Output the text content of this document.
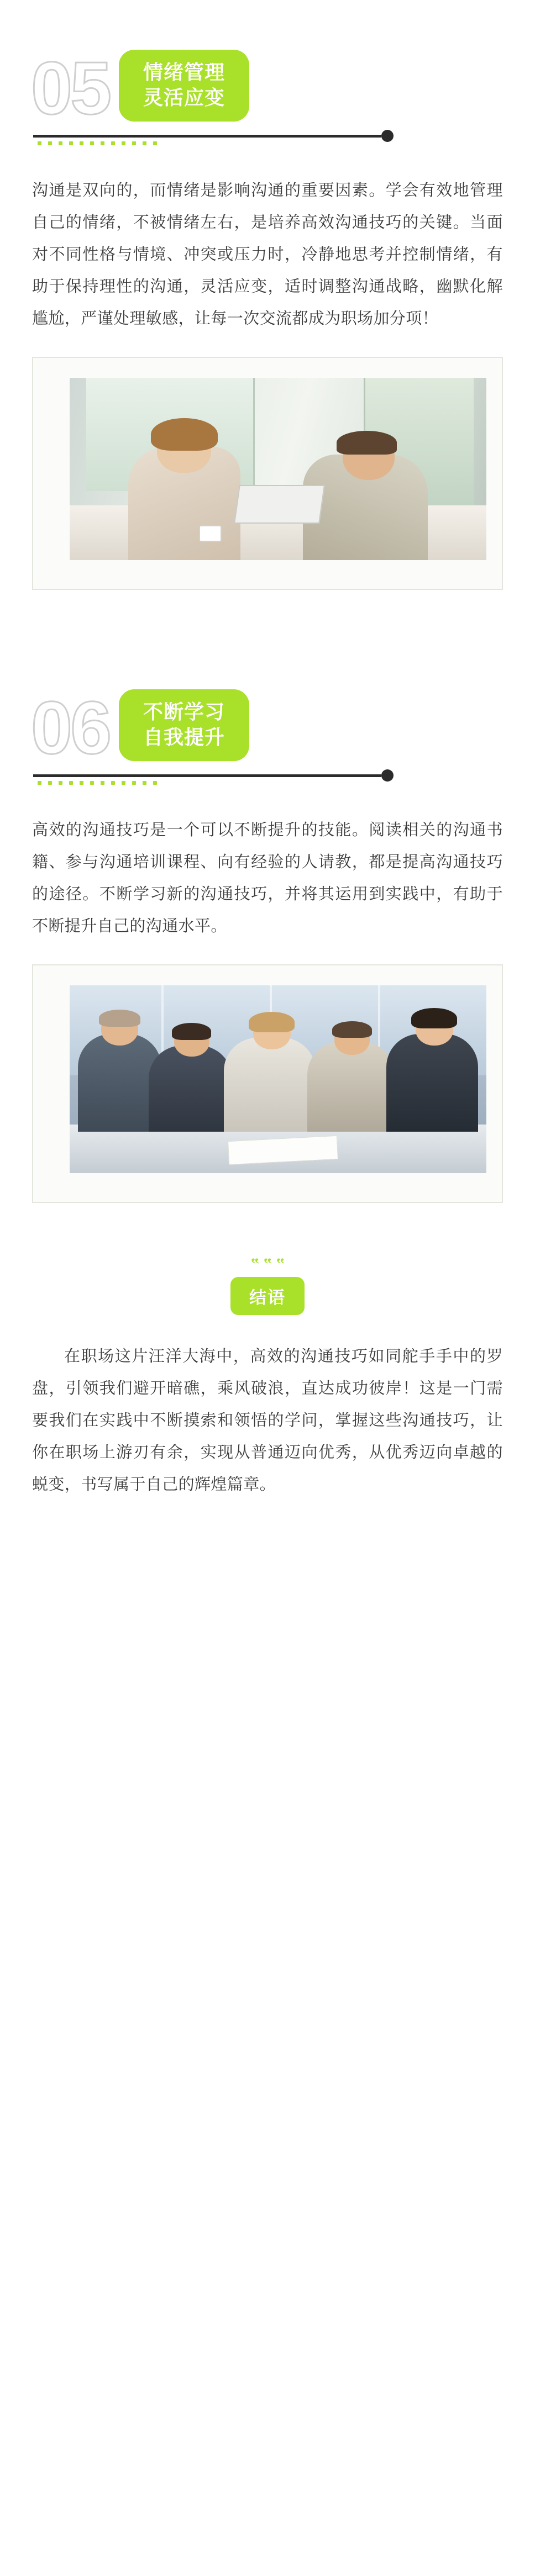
05 情绪管理
灵活应变
沟通是双向的，而情绪是影响沟通的重要因素。学会有效地管理自己的情绪，不被情绪左右，是培养高效沟通技巧的关键。当面对不同性格与情境、冲突或压力时，冷静地思考并控制情绪，有助于保持理性的沟通，灵活应变，适时调整沟通战略，幽默化解尴尬，严谨处理敏感，让每一次交流都成为职场加分项！
06 不断学习
自我提升
高效的沟通技巧是一个可以不断提升的技能。阅读相关的沟通书籍、参与沟通培训课程、向有经验的人请教，都是提高沟通技巧的途径。不断学习新的沟通技巧，并将其运用到实践中，有助于不断提升自己的沟通水平。
” ” ”
结语
在职场这片汪洋大海中，高效的沟通技巧如同舵手手中的罗盘，引领我们避开暗礁，乘风破浪，直达成功彼岸！这是一门需要我们在实践中不断摸索和领悟的学问，掌握这些沟通技巧，让你在职场上游刃有余，实现从普通迈向优秀，从优秀迈向卓越的蜕变，书写属于自己的辉煌篇章。
